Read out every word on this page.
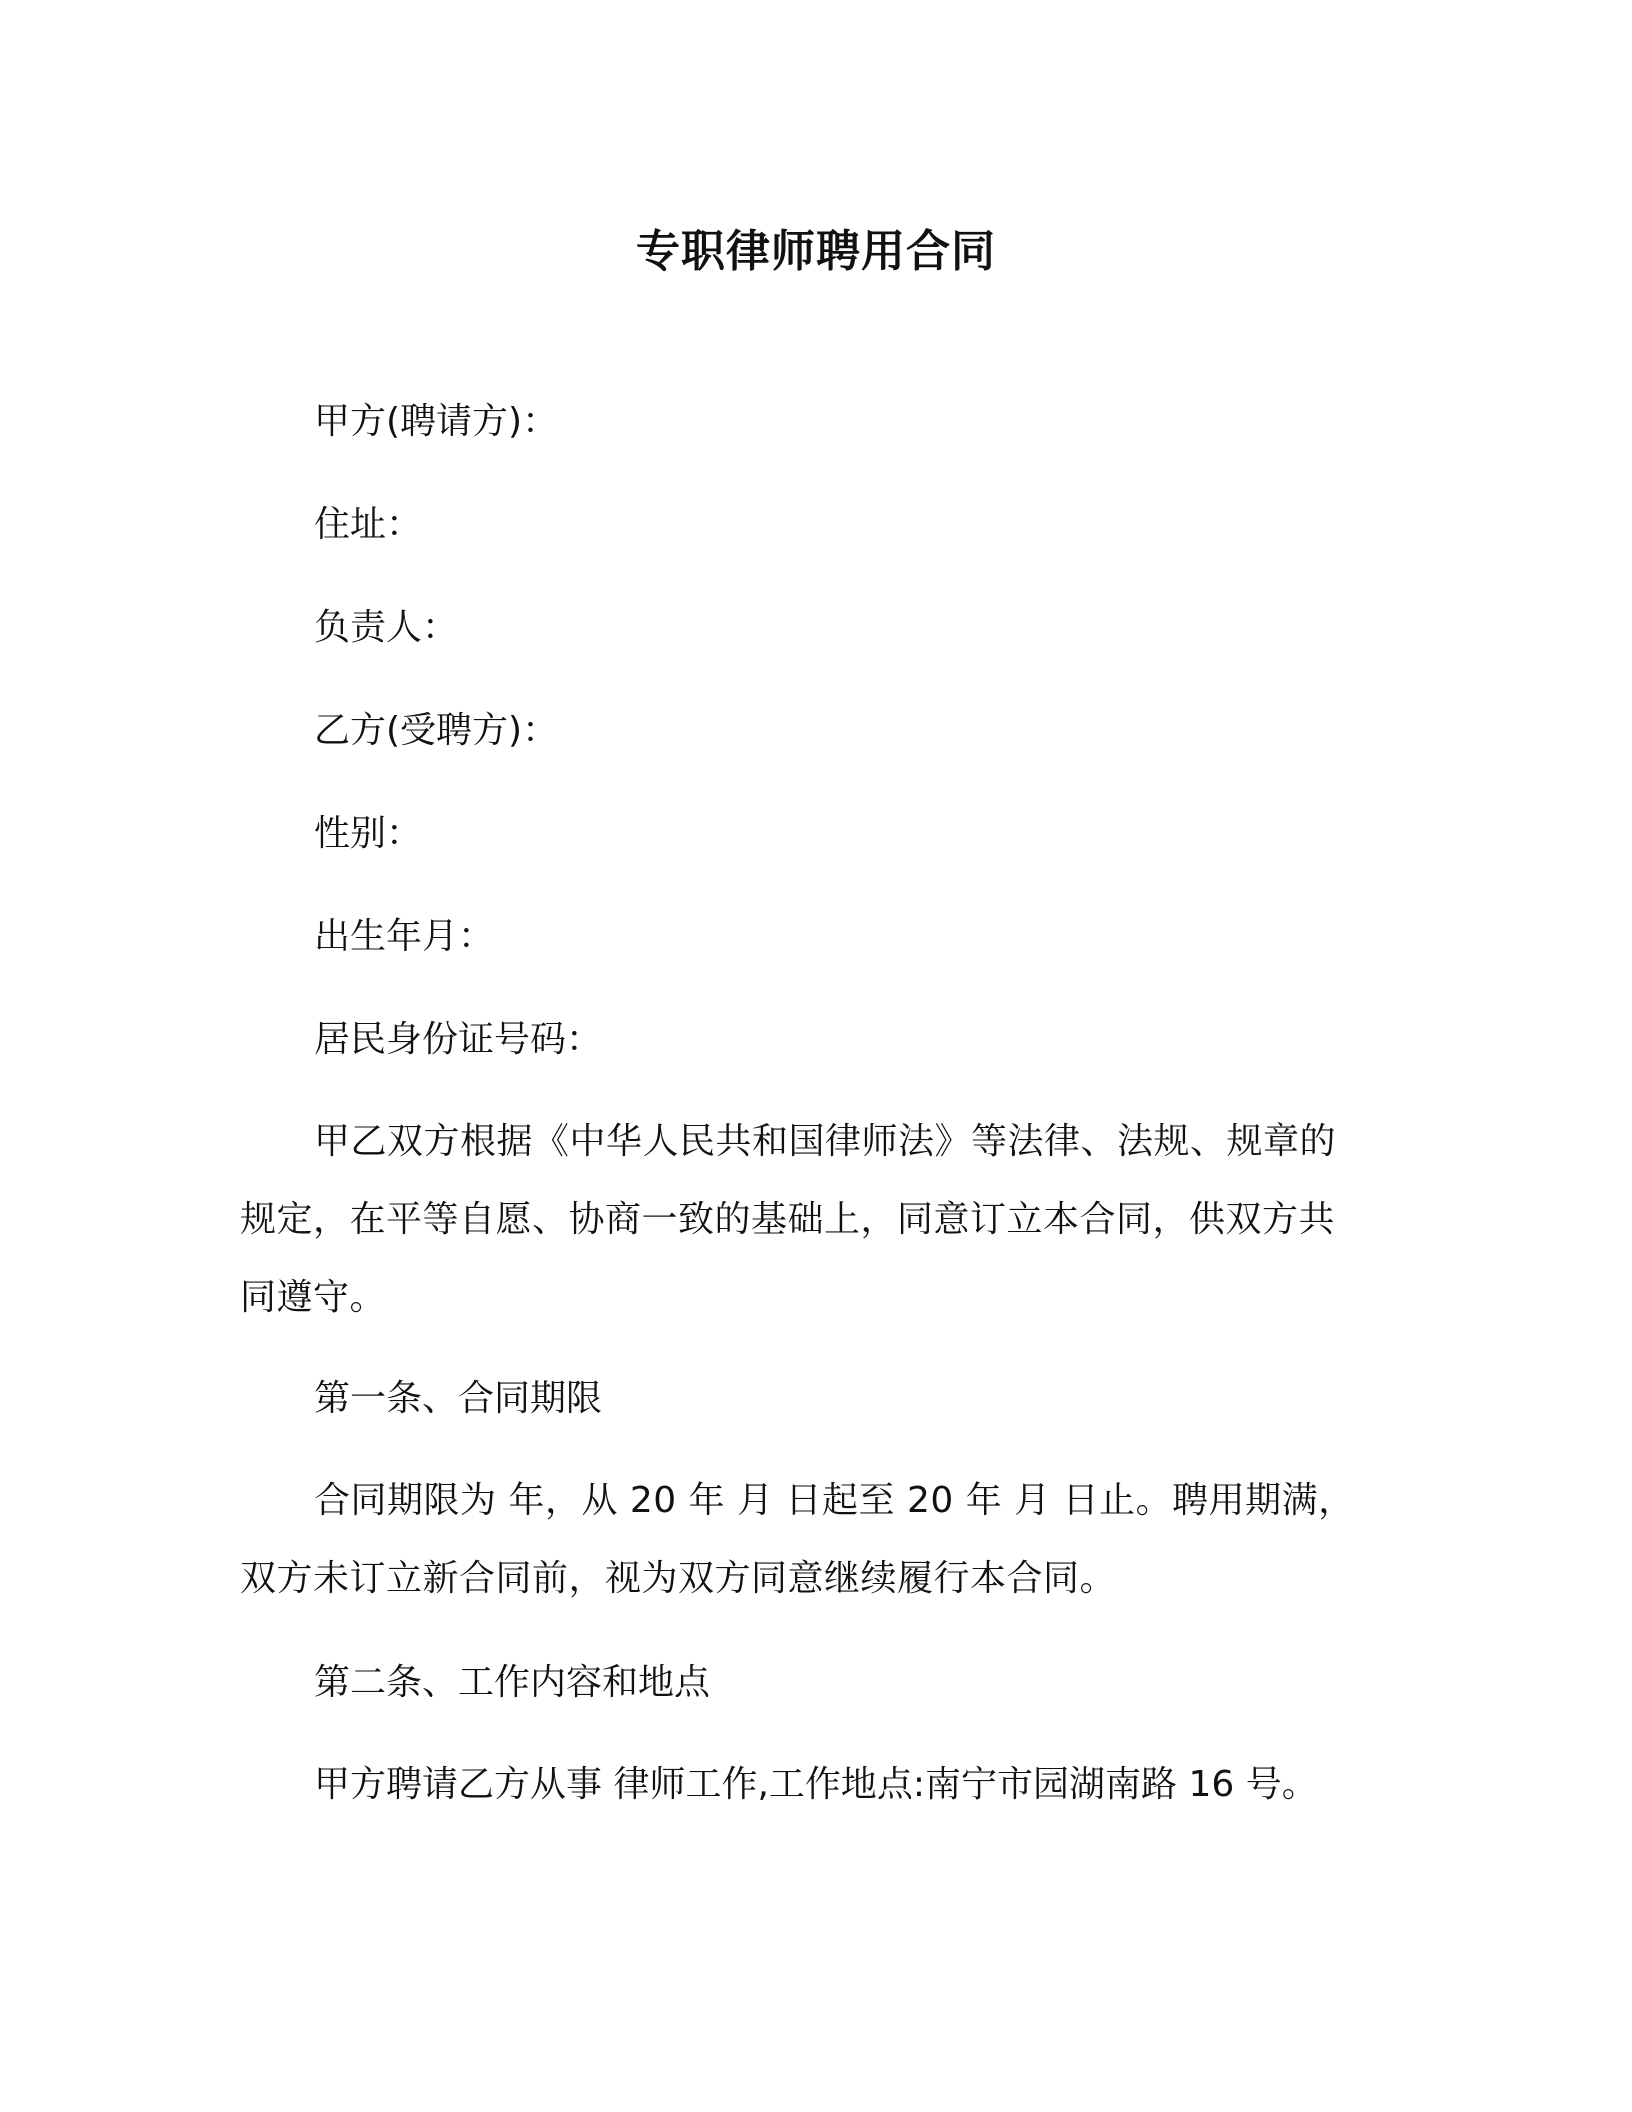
专职律师聘用合同
甲方(聘请方)：
住址：
负责人：
乙方(受聘方)：
性别：
出生年月：
居民身份证号码：
甲乙双方根据《中华人民共和国律师法》等法律、法规、规章的规定，在平等自愿、协商一致的基础上，同意订立本合同，供双方共同遵守。
第一条、合同期限
合同期限为 年，从 20 年 月 日起至 20 年 月 日止。聘用期满，双方未订立新合同前，视为双方同意继续履行本合同。
第二条、工作内容和地点
甲方聘请乙方从事 律师工作,工作地点:南宁市园湖南路 16 号。
